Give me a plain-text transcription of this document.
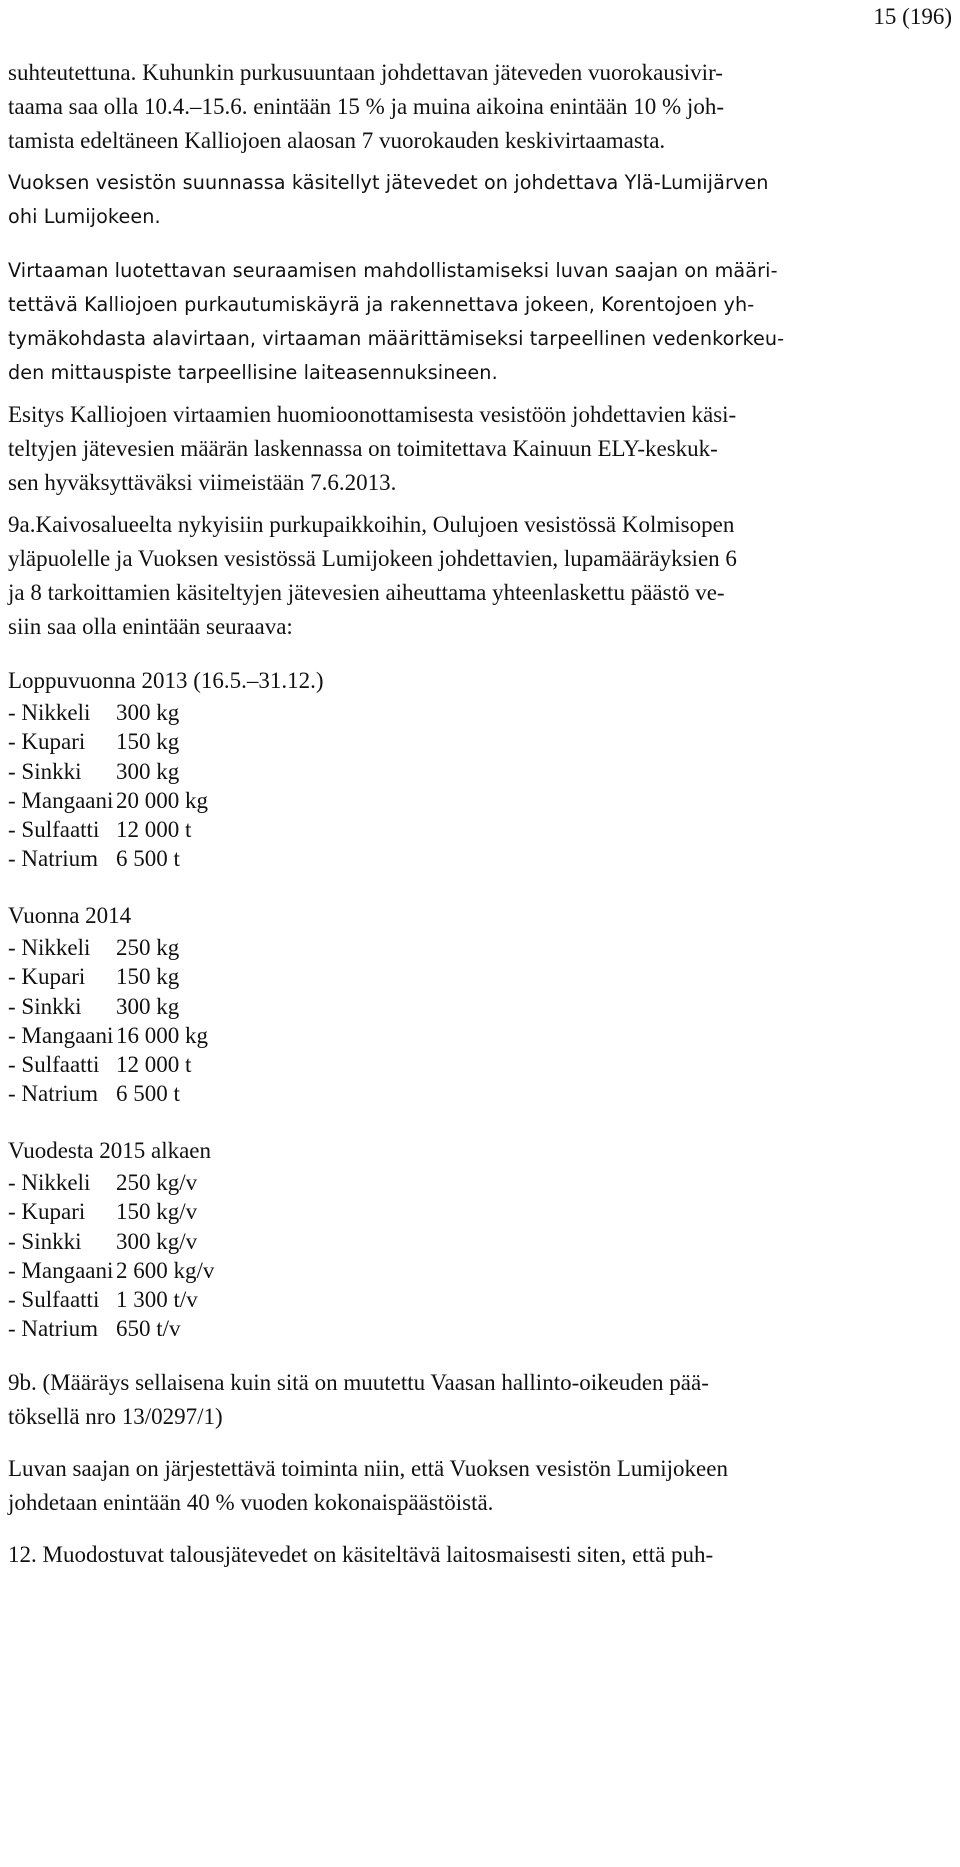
15 (196)
suhteutettuna. Kuhunkin purkusuuntaan johdettavan jäteveden vuorokausivir-
taama saa olla 10.4.–15.6. enintään 15 % ja muina aikoina enintään 10 % joh-
tamista edeltäneen Kalliojoen alaosan 7 vuorokauden keskivirtaamasta.
Vuoksen vesistön suunnassa käsitellyt jätevedet on johdettava Ylä-Lumijärven
ohi Lumijokeen.
Virtaaman luotettavan seuraamisen mahdollistamiseksi luvan saajan on määri-
tettävä Kalliojoen purkautumiskäyrä ja rakennettava jokeen, Korentojoen yh-
tymäkohdasta alavirtaan, virtaaman määrittämiseksi tarpeellinen vedenkorkeu-
den mittauspiste tarpeellisine laiteasennuksineen.
Esitys Kalliojoen virtaamien huomioonottamisesta vesistöön johdettavien käsi-
teltyjen jätevesien määrän laskennassa on toimitettava Kainuun ELY-keskuk-
sen hyväksyttäväksi viimeistään 7.6.2013.
9a.Kaivosalueelta nykyisiin purkupaikkoihin, Oulujoen vesistössä Kolmisopen
yläpuolelle ja Vuoksen vesistössä Lumijokeen johdettavien, lupamääräyksien 6
ja 8 tarkoittamien käsiteltyjen jätevesien aiheuttama yhteenlaskettu päästö ve-
siin saa olla enintään seuraava:
Loppuvuonna 2013 (16.5.–31.12.)
- Nikkeli 300 kg
- Kupari 150 kg
- Sinkki 300 kg
- Mangaani 20 000 kg
- Sulfaatti 12 000 t
- Natrium 6 500 t
Vuonna 2014
- Nikkeli 250 kg
- Kupari 150 kg
- Sinkki 300 kg
- Mangaani 16 000 kg
- Sulfaatti 12 000 t
- Natrium 6 500 t
Vuodesta 2015 alkaen
- Nikkeli 250 kg/v
- Kupari 150 kg/v
- Sinkki 300 kg/v
- Mangaani 2 600 kg/v
- Sulfaatti 1 300 t/v
- Natrium 650 t/v
9b. (Määräys sellaisena kuin sitä on muutettu Vaasan hallinto-oikeuden pää-
töksellä nro 13/0297/1)
Luvan saajan on järjestettävä toiminta niin, että Vuoksen vesistön Lumijokeen
johdetaan enintään 40 % vuoden kokonaispäästöistä.
12. Muodostuvat talousjätevedet on käsiteltävä laitosmaisesti siten, että puh-
